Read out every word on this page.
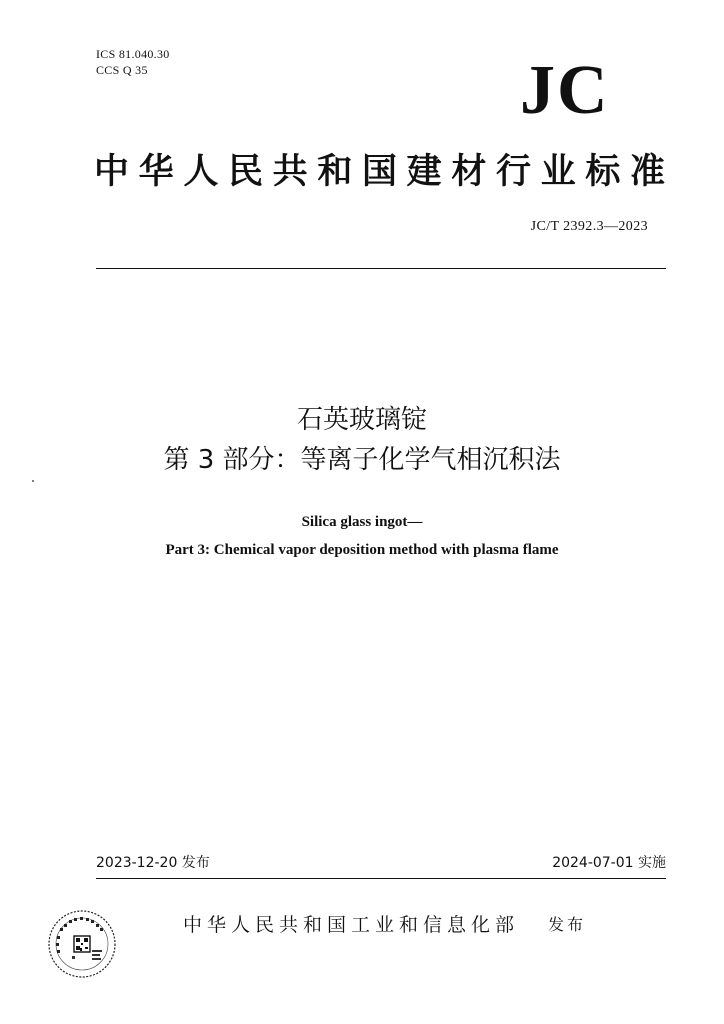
ICS 81.040.30
CCS Q 35	JC
中华人民共和国建材行业标准
JC/T 2392.3—2023
石英玻璃锭
第 3 部分：等离子化学气相沉积法
Silica glass ingot—
Part 3: Chemical vapor deposition method with plasma flame
2023-12-20 发布	2024-07-01 实施
中华人民共和国工业和信息化部 发布
